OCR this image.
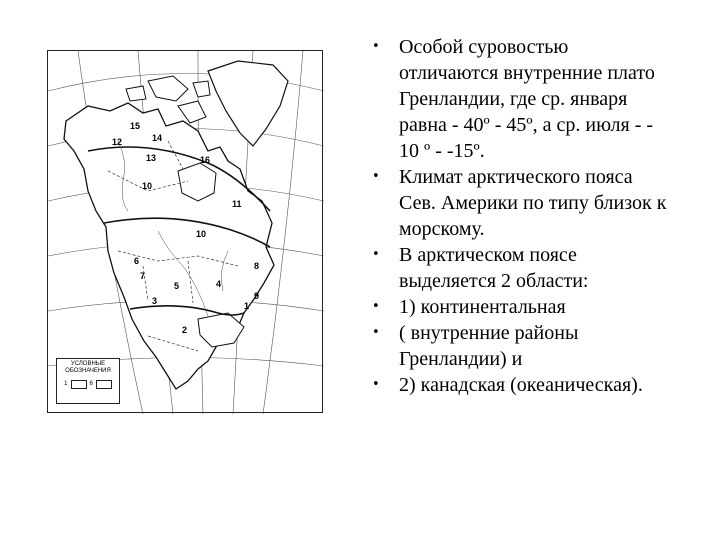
15
12	14
13	16
10
11
10
6
7
8
5	4
9
3	1
2
УСЛОВНЫЕ
ОБОЗНАЧЕНИЯ
1	6
• Особой суровостью отличаются внутренние плато Гренландии, где ср. января равна - 40º - 45º, а ср. июля - - 10 º - -15º.
• Климат арктического пояса Сев. Америки по типу близок к морскому.
• В арктическом поясе выделяется 2 области:
• 1) континентальная
• ( внутренние районы Гренландии) и
• 2) канадская (океаническая).
